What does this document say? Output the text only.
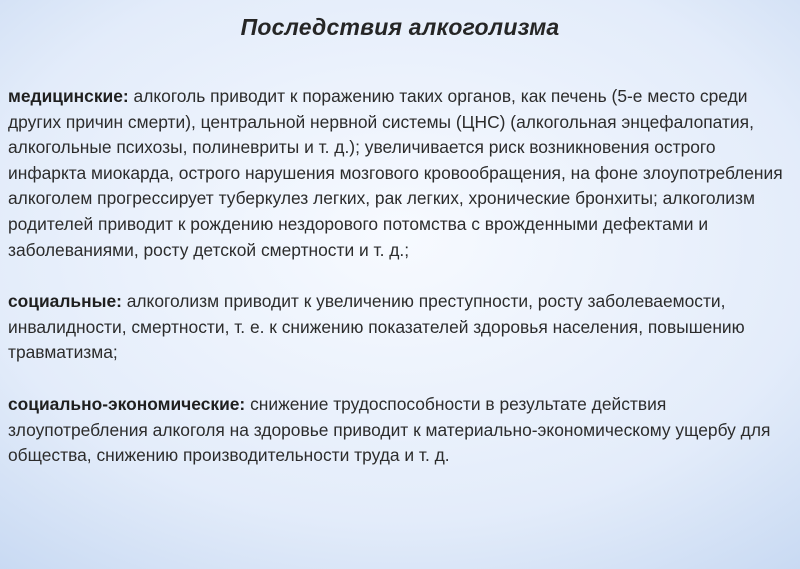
Последствия алкоголизма

медицинские: алкоголь приводит к поражению таких органов, как печень (5-е место среди других причин смерти), центральной нервной системы (ЦНС) (алкогольная энцефалопатия, алкогольные психозы, полиневриты и т. д.); увеличивается риск возникновения острого инфаркта миокарда, острого нарушения мозгового кровообращения, на фоне злоупотребления алкоголем прогрессирует туберкулез легких, рак легких, хронические бронхиты; алкоголизм родителей приводит к рождению нездорового потомства с врожденными дефектами и заболеваниями, росту детской смертности и т. д.;

социальные: алкоголизм приводит к увеличению преступности, росту заболеваемости, инвалидности, смертности, т. е. к снижению показателей здоровья населения, повышению травматизма;

социально-экономические: снижение трудоспособности в результате действия злоупотребления алкоголя на здоровье приводит к материально-экономическому ущербу для общества, снижению производительности труда и т. д.
